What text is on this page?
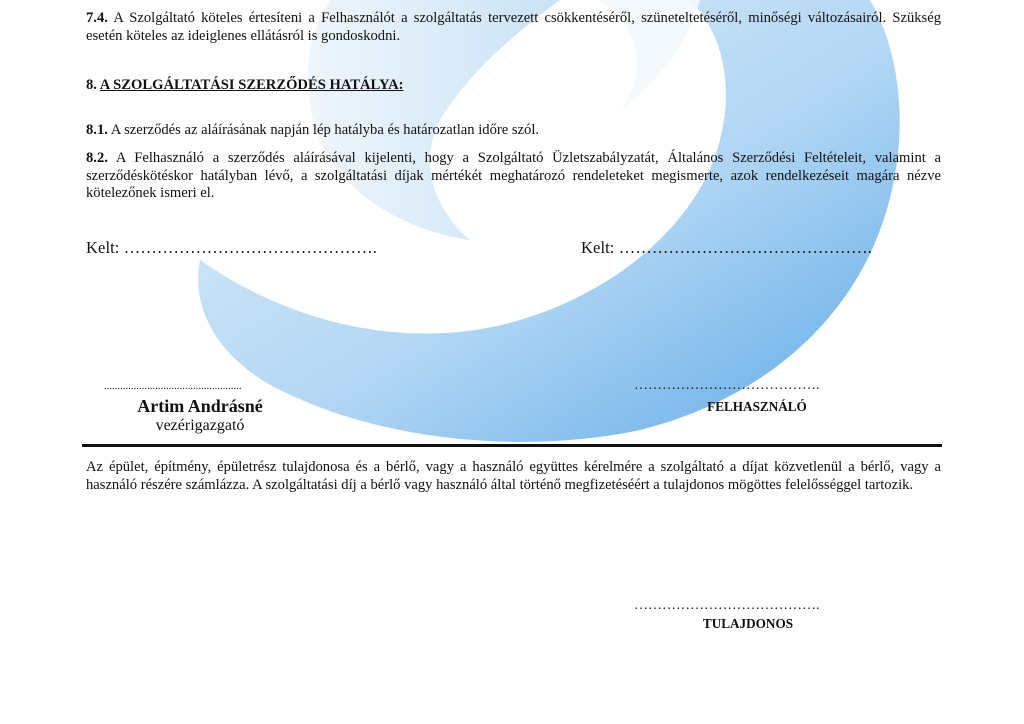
7.4. A Szolgáltató köteles értesíteni a Felhasználót a szolgáltatás tervezett csökkentéséről, szüneteltetéséről, minőségi változásairól. Szükség esetén köteles az ideiglenes ellátásról is gondoskodni.
8. A SZOLGÁLTATÁSI SZERZŐDÉS HATÁLYA:
8.1. A szerződés az aláírásának napján lép hatályba és határozatlan időre szól.
8.2. A Felhasználó a szerződés aláírásával kijelenti, hogy a Szolgáltató Üzletszabályzatát, Általános Szerződési Feltételeit, valamint a szerződéskötéskor hatályban lévő, a szolgáltatási díjak mértékét meghatározó rendeleteket megismerte, azok rendelkezéseit magára nézve kötelezőnek ismeri el.
Kelt: ……………………………………….	Kelt: ……………………………………….
...................................................
Artim Andrásné
vezérigazgató
………………………………….
FELHASZNÁLÓ
Az épület, építmény, épületrész tulajdonosa és a bérlő, vagy a használó együttes kérelmére a szolgáltató a díjat közvetlenül a bérlő, vagy a használó részére számlázza. A szolgáltatási díj a bérlő vagy használó által történő megfizetéséért a tulajdonos mögöttes felelősséggel tartozik.
………………………………….
TULAJDONOS
